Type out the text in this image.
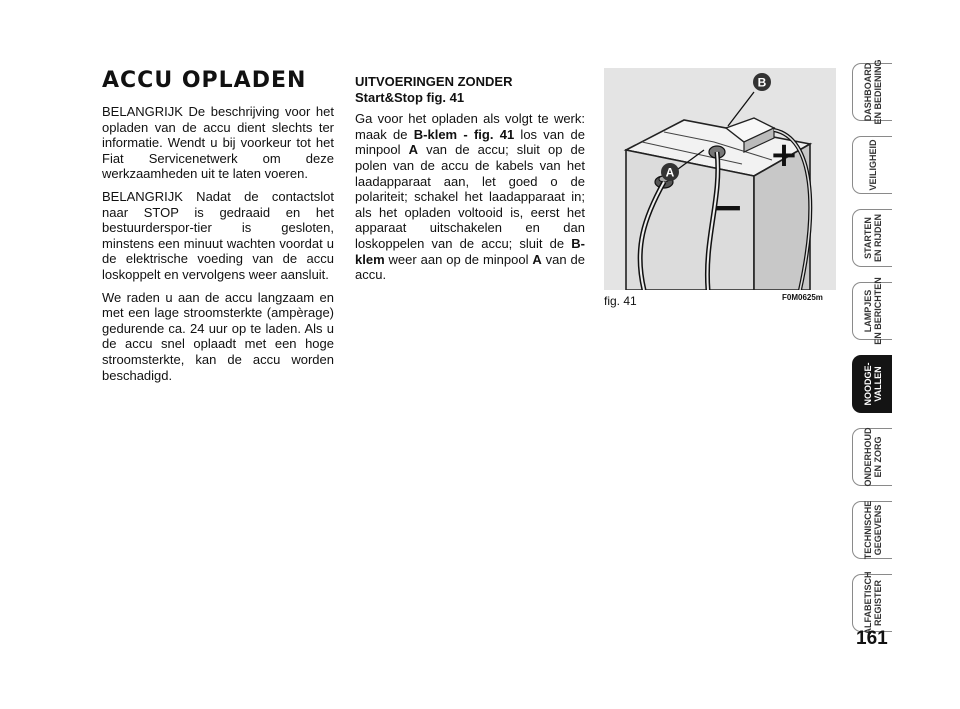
ACCU OPLADEN

BELANGRIJK De beschrijving voor het opladen van de accu dient slechts ter informatie. Wendt u bij voorkeur tot het Fiat Servicenetwerk om deze werkzaamheden uit te laten voeren.

BELANGRIJK Nadat de contactslot naar STOP is gedraaid en het bestuurderspor-tier is gesloten, minstens een minuut wachten voordat u de elektrische voeding van de accu loskoppelt en vervolgens weer aansluit.

We raden u aan de accu langzaam en met een lage stroomsterkte (ampèrage) gedurende ca. 24 uur op te laden. Als u de accu snel oplaadt met een hoge stroomsterkte, kan de accu worden beschadigd.

UITVOERINGEN ZONDER
Start&Stop fig. 41

Ga voor het opladen als volgt te werk: maak de B-klem - fig. 41 los van de minpool A van de accu; sluit op de polen van de accu de kabels van het laadapparaat aan, let goed o de polariteit; schakel het laadapparaat in; als het opladen voltooid is, eerst het apparaat uitschakelen en dan loskoppelen van de accu; sluit de B-klem weer aan op de minpool A van de accu.

A
B
+
−
fig. 41	F0M0625m
DASHBOARD
EN BEDIENING
VEILIGHEID
STARTEN
EN RIJDEN
LAMPJES
EN BERICHTEN
NOODGE-
VALLEN
ONDERHOUD
EN ZORG
TECHNISCHE
GEGEVENS
ALFABETISCH
REGISTER
161
